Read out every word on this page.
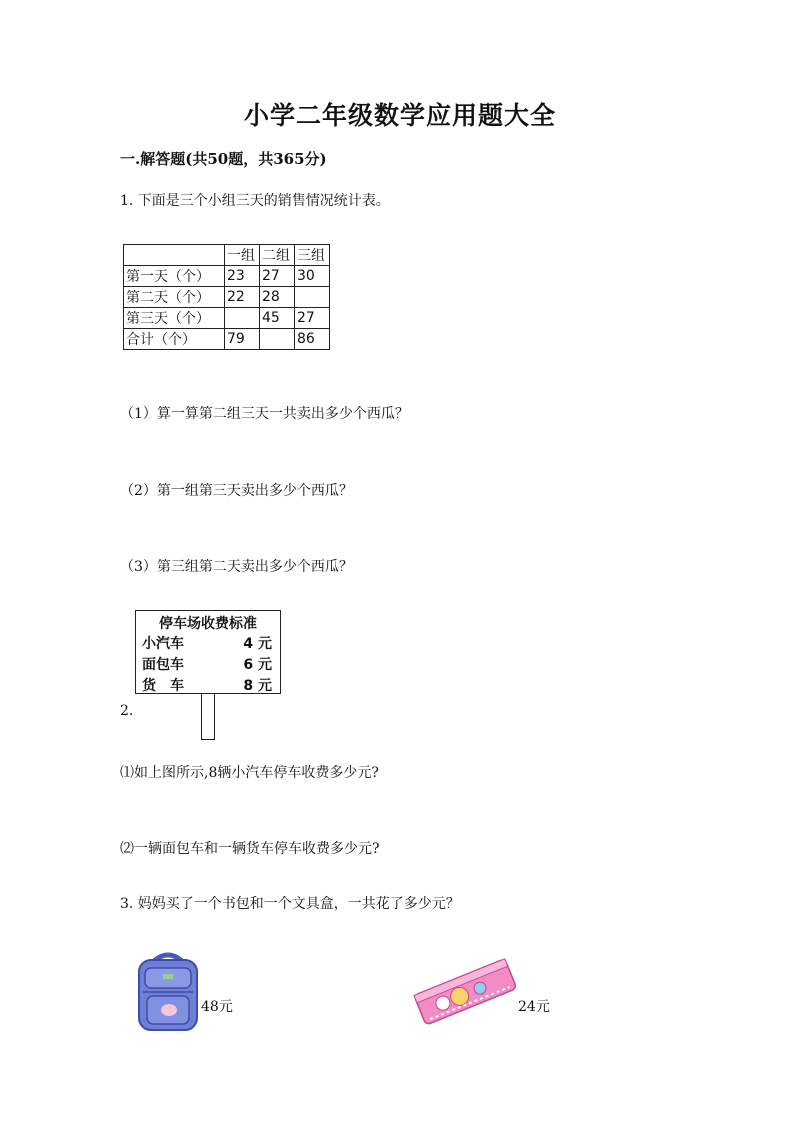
小学二年级数学应用题大全
一.解答题(共50题，共365分)
1. 下面是三个小组三天的销售情况统计表。
	一组	二组	三组
第一天（个）	23	27	30
第二天（个）	22	28	
第三天（个）		45	27
合计（个）	79		86
（1）算一算第二组三天一共卖出多少个西瓜？
（2）第一组第三天卖出多少个西瓜？
（3）第三组第二天卖出多少个西瓜？
停车场收费标准
小汽车	4 元
面包车	6 元
货　车	8 元
2.
⑴如上图所示,8辆小汽车停车收费多少元?
⑵一辆面包车和一辆货车停车收费多少元?
3. 妈妈买了一个书包和一个文具盒，一共花了多少元？
48元	24元
